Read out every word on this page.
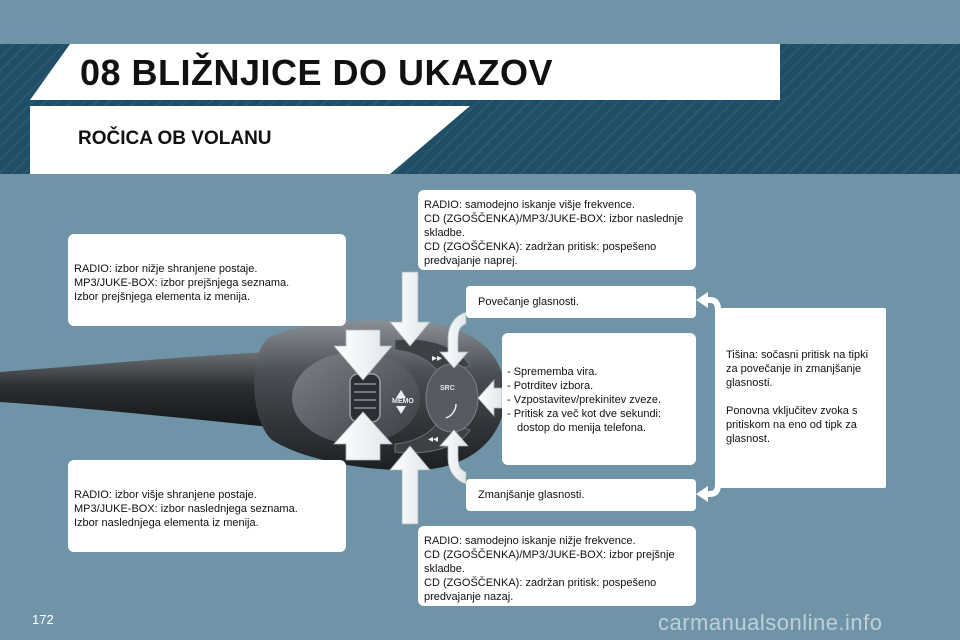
08 BLIŽNJICE DO UKAZOV
ROČICA OB VOLANU
▸▸
◂◂
MEMO
SRC
RADIO: izbor nižje shranjene postaje.
MP3/JUKE-BOX: izbor prejšnjega seznama.
Izbor prejšnjega elementa iz menija.
RADIO: izbor višje shranjene postaje.
MP3/JUKE-BOX: izbor naslednjega seznama.
Izbor naslednjega elementa iz menija.
RADIO: samodejno iskanje višje frekvence.
CD (ZGOŠČENKA)/MP3/JUKE-BOX: izbor naslednje
skladbe.
CD (ZGOŠČENKA): zadržan pritisk: pospešeno
predvajanje naprej.
Povečanje glasnosti.
- Sprememba vira.
- Potrditev izbora.
- Vzpostavitev/prekinitev zveze.
- Pritisk za več kot dve sekundi:
dostop do menija telefona.
Zmanjšanje glasnosti.
RADIO: samodejno iskanje nižje frekvence.
CD (ZGOŠČENKA)/MP3/JUKE-BOX: izbor prejšnje
skladbe.
CD (ZGOŠČENKA): zadržan pritisk: pospešeno
predvajanje nazaj.
Tišina: sočasni pritisk na tipki
za povečanje in zmanjšanje
glasnosti.
Ponovna vključitev zvoka s
pritiskom na eno od tipk za
glasnost.
172	carmanualsonline.info
